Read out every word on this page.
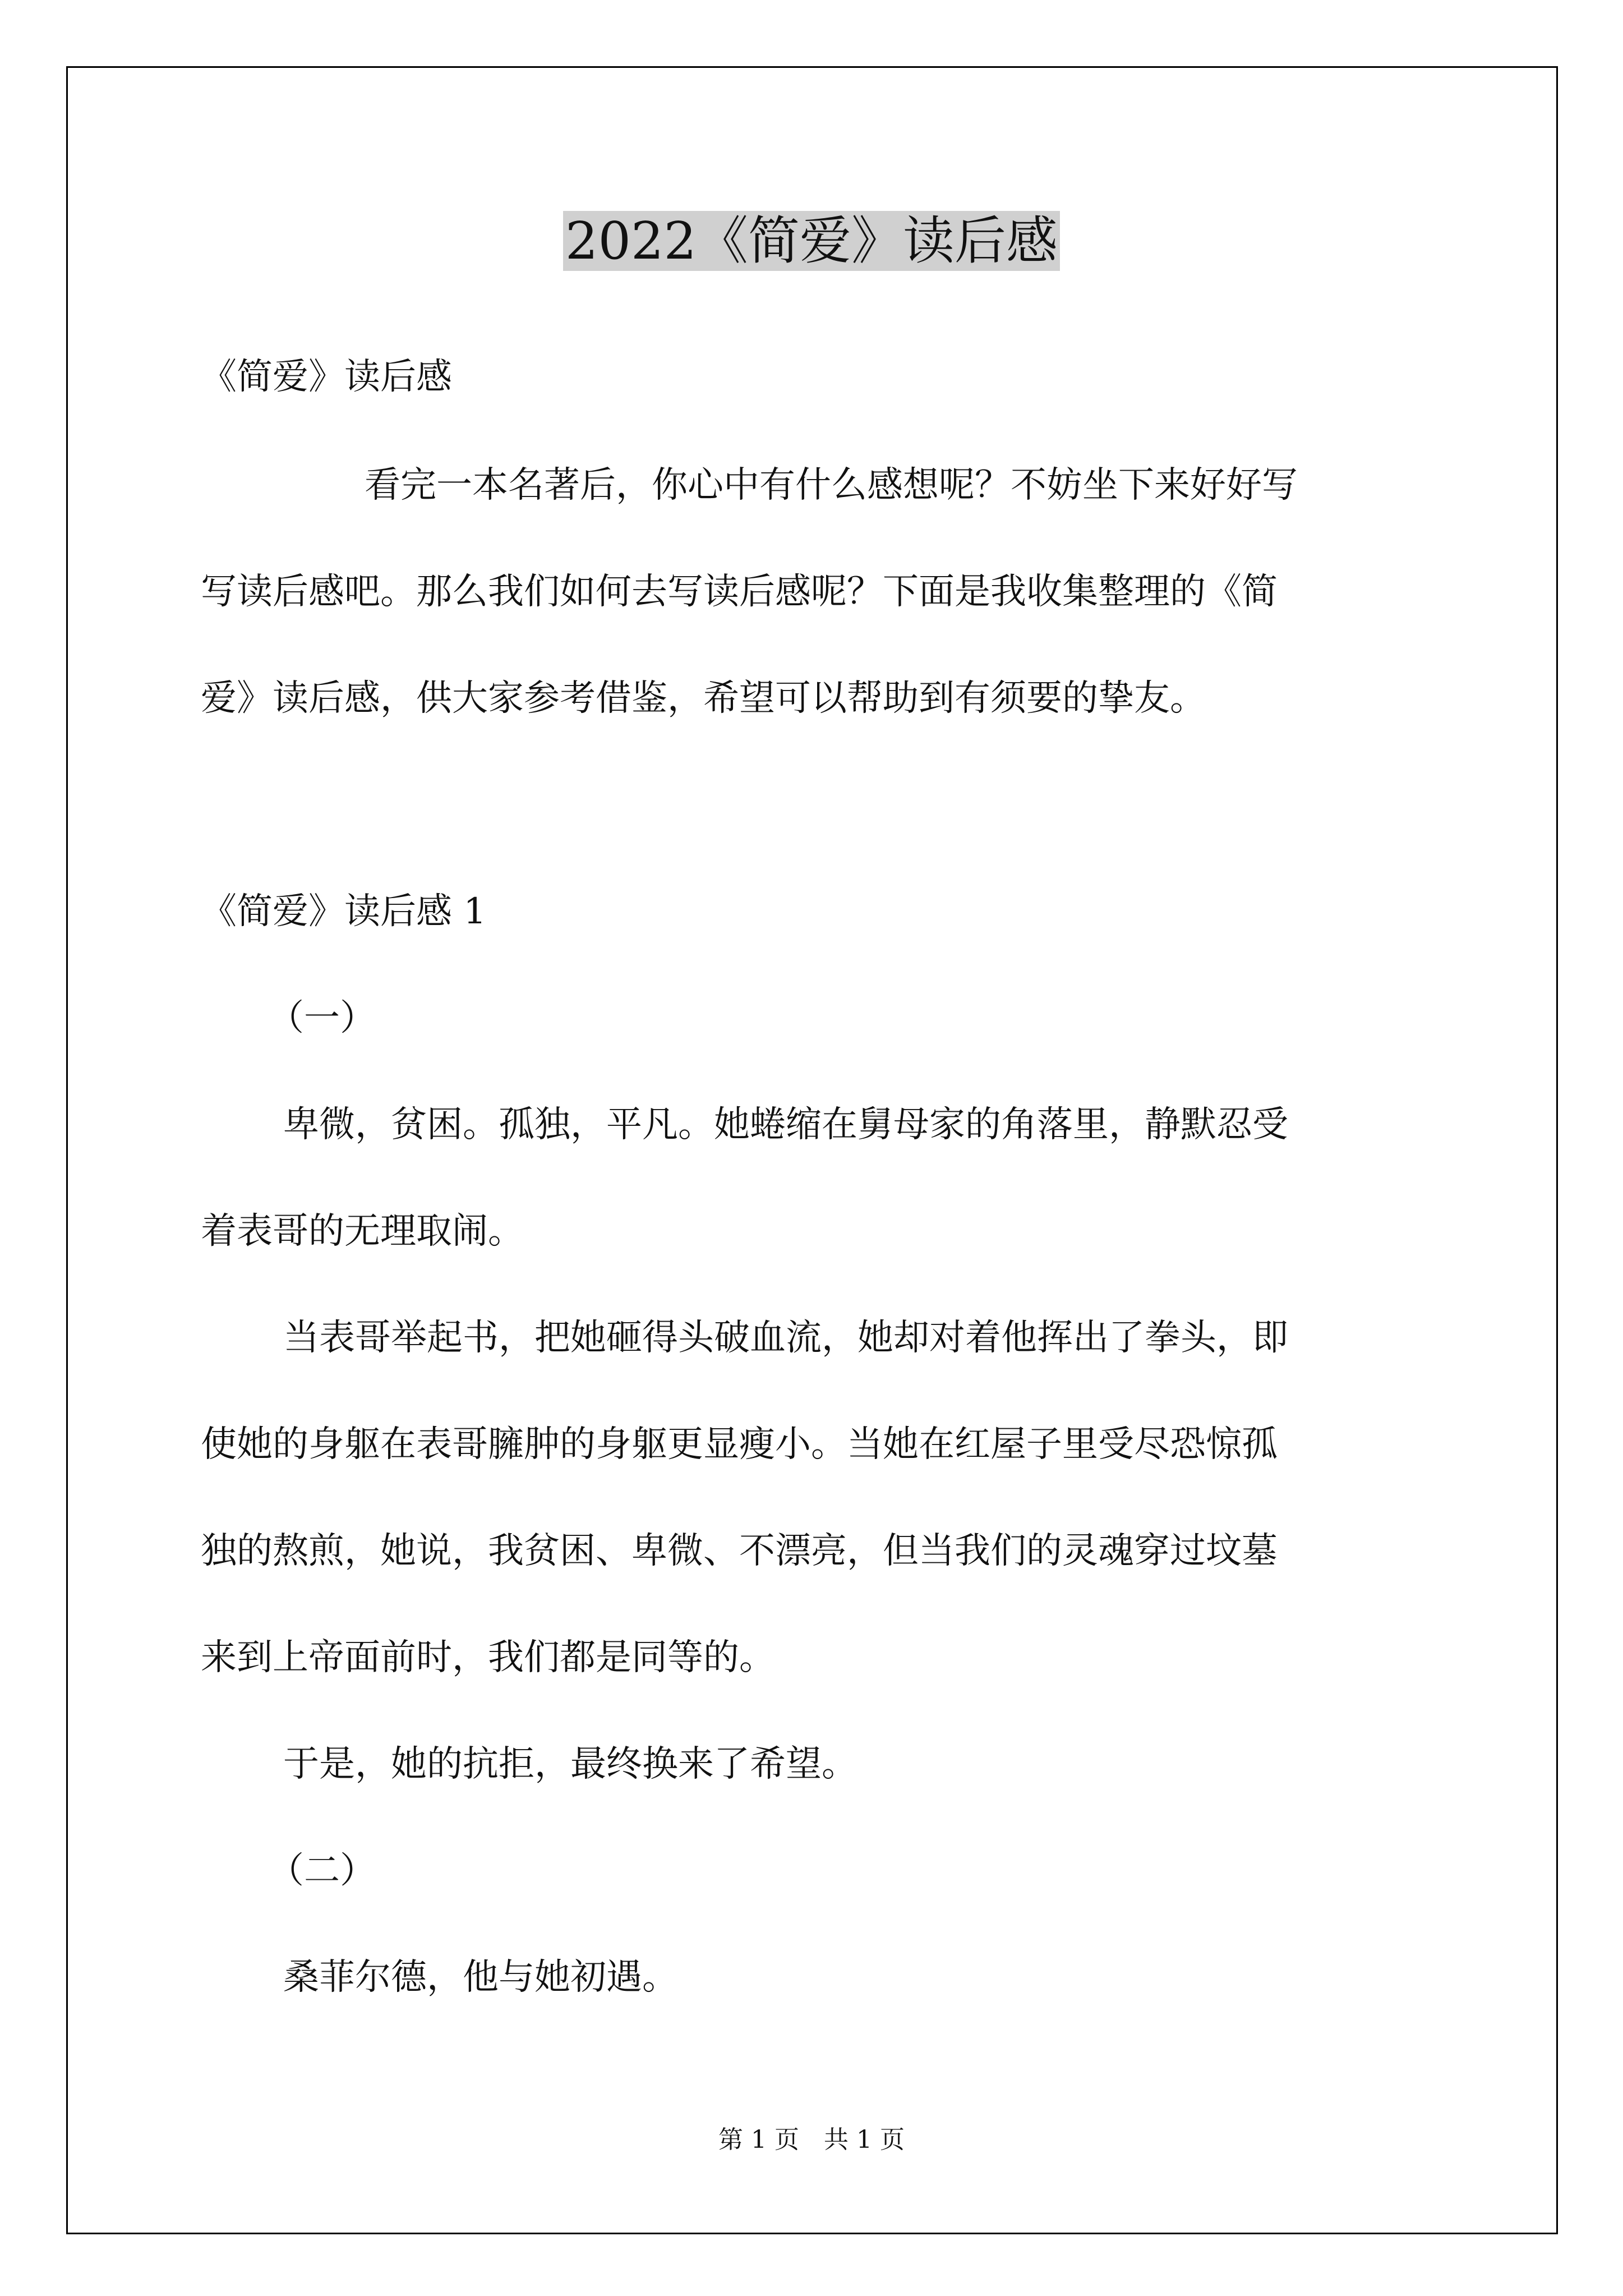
2022《简爱》读后感
《简爱》读后感
看完一本名著后，你心中有什么感想呢？不妨坐下来好好写
写读后感吧。那么我们如何去写读后感呢？下面是我收集整理的《简
爱》读后感，供大家参考借鉴，希望可以帮助到有须要的挚友。
《简爱》读后感 1
（一）
卑微，贫困。孤独，平凡。她蜷缩在舅母家的角落里，静默忍受
着表哥的无理取闹。
当表哥举起书，把她砸得头破血流，她却对着他挥出了拳头，即
使她的身躯在表哥臃肿的身躯更显瘦小。当她在红屋子里受尽恐惊孤
独的熬煎，她说，我贫困、卑微、不漂亮，但当我们的灵魂穿过坟墓
来到上帝面前时，我们都是同等的。
于是，她的抗拒，最终换来了希望。
（二）
桑菲尔德，他与她初遇。
第 1 页　共 1 页
